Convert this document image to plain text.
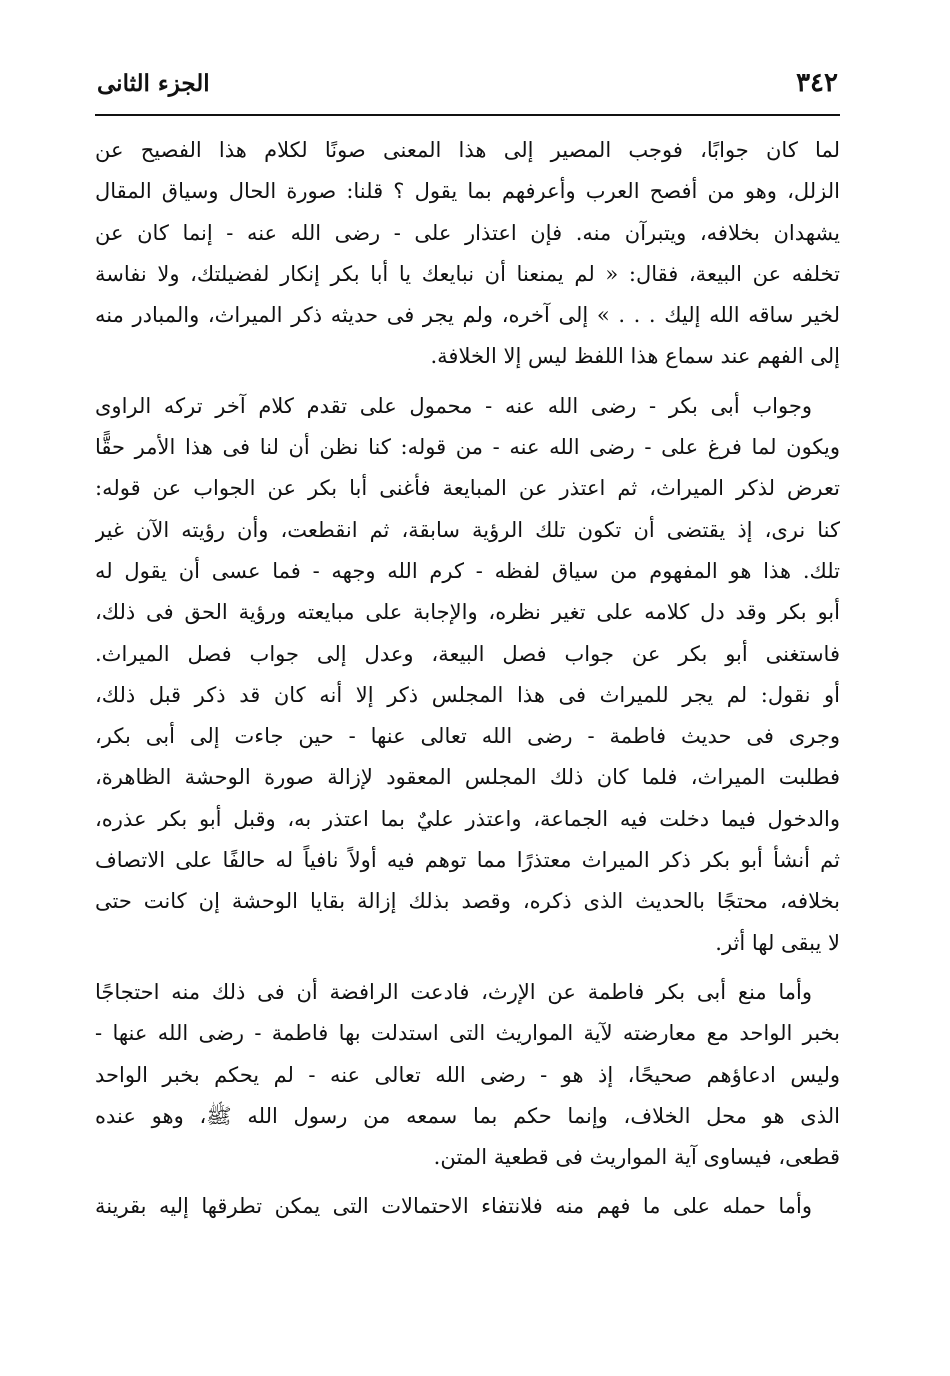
٣٤٢
الجزء الثانى
لما كان جوابًا، فوجب المصير إلى هذا المعنى صونًا لكلام هذا الفصيح عن
الزلل، وهو من أفصح العرب وأعرفهم بما يقول ؟ قلنا: صورة الحال وسياق المقال
يشهدان بخلافه، ويتبرآن منه. فإن اعتذار على - رضى الله عنه - إنما كان عن
تخلفه عن البيعة، فقال: « لم يمنعنا أن نبايعك يا أبا بكر إنكار لفضيلتك، ولا نفاسة
لخير ساقه الله إليك . . . » إلى آخره، ولم يجر فى حديثه ذكر الميراث، والمبادر منه
إلى الفهم عند سماع هذا اللفظ ليس إلا الخلافة.
وجواب أبى بكر - رضى الله عنه - محمول على تقدم كلام آخر تركه الراوى
ويكون لما فرغ على - رضى الله عنه - من قوله: كنا نظن أن لنا فى هذا الأمر حقًّا
تعرض لذكر الميراث، ثم اعتذر عن المبايعة فأغنى أبا بكر عن الجواب عن قوله:
كنا نرى، إذ يقتضى أن تكون تلك الرؤية سابقة، ثم انقطعت، وأن رؤيته الآن غير
تلك. هذا هو المفهوم من سياق لفظه - كرم الله وجهه - فما عسى أن يقول له
أبو بكر وقد دل كلامه على تغير نظره، والإجابة على مبايعته ورؤية الحق فى ذلك،
فاستغنى أبو بكر عن جواب فصل البيعة، وعدل إلى جواب فصل الميراث.
أو نقول: لم يجر للميراث فى هذا المجلس ذكر إلا أنه كان قد ذكر قبل ذلك،
وجرى فى حديث فاطمة - رضى الله تعالى عنها - حين جاءت إلى أبى بكر،
فطلبت الميراث، فلما كان ذلك المجلس المعقود لإزالة صورة الوحشة الظاهرة،
والدخول فيما دخلت فيه الجماعة، واعتذر عليٌ بما اعتذر به، وقبل أبو بكر عذره،
ثم أنشأ أبو بكر ذكر الميراث معتذرًا مما توهم فيه أولاً نافياً له حالفًا على الاتصاف
بخلافه، محتجًا بالحديث الذى ذكره، وقصد بذلك إزالة بقايا الوحشة إن كانت حتى
لا يبقى لها أثر.
وأما منع أبى بكر فاطمة عن الإرث، فادعت الرافضة أن فى ذلك منه احتجاجًا
بخبر الواحد مع معارضته لآية المواريث التى استدلت بها فاطمة - رضى الله عنها -
وليس ادعاؤهم صحيحًا، إذ هو - رضى الله تعالى عنه - لم يحكم بخبر الواحد
الذى هو محل الخلاف، وإنما حكم بما سمعه من رسول الله ﷺ، وهو عنده
قطعى، فيساوى آية المواريث فى قطعية المتن.
وأما حمله على ما فهم منه فلانتفاء الاحتمالات التى يمكن تطرقها إليه بقرينة
